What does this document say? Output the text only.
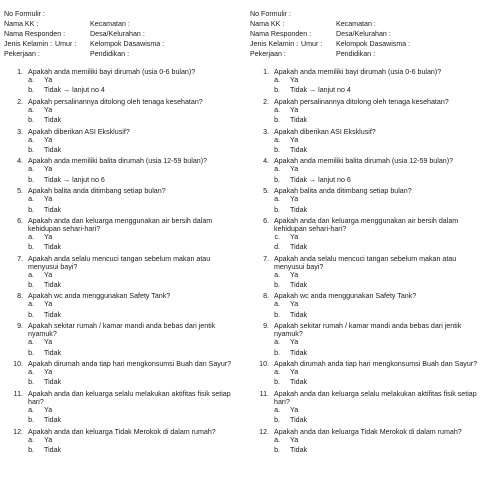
No Formulir :
Nama KK :	Kecamatan :
Nama Responden :	Desa/Kelurahan :
Jenis Kelamin : Umur : Kelompok Dasawisma :
Pekerjaan :	Pendidikan :
1. Apakah anda memiliki bayi dirumah (usia 0-6 bulan)?
a.	Ya
b.	Tidak → lanjut no 4
2. Apakah persalinannya ditolong oleh tenaga kesehatan?
a.	Ya
b.	Tidak
3. Apakah diberikan ASI Eksklusif?
a.	Ya
b.	Tidak
4. Apakah anda memiliki balita dirumah (usia 12-59 bulan)?
a.	Ya
b.	Tidak → lanjut no 6
5. Apakah balita anda ditimbang setiap bulan?
a.	Ya
b.	Tidak
6. Apakah anda dan keluarga menggunakan air bersih dalam kehidupan sehari-hari?
a.	Ya
b.	Tidak
7. Apakah anda selalu mencuci tangan sebelum makan atau menyusui bayi?
a.	Ya
b.	Tidak
8. Apakah wc anda menggunakan Safety Tank?
a.	Ya
b.	Tidak
9. Apakah sekitar rumah / kamar mandi anda bebas dari jentik nyamuk?
a.	Ya
b.	Tidak
10. Apakah dirumah anda tiap hari mengkonsumsi Buah dan Sayur?
a.	Ya
b.	Tidak
11. Apakah anda dan keluarga selalu melakukan aktifitas fisik setiap hari?
a.	Ya
b.	Tidak
12. Apakah anda dan keluarga Tidak Merokok di dalam rumah?
a.	Ya
b.	Tidak
No Formulir :
Nama KK :	Kecamatan :
Nama Responden :	Desa/Kelurahan :
Jenis Kelamin : Umur : Kelompok Dasawisma :
Pekerjaan :	Pendidikan :
1. Apakah anda memiliki bayi dirumah (usia 0-6 bulan)?
a.	Ya
b.	Tidak → lanjut no 4
2. Apakah persalinannya ditolong oleh tenaga kesehatan?
a.	Ya
b.	Tidak
3. Apakah diberikan ASI Eksklusif?
a.	Ya
b.	Tidak
4. Apakah anda memiliki balita dirumah (usia 12-59 bulan)?
a.	Ya
b.	Tidak → lanjut no 6
5. Apakah balita anda ditimbang setiap bulan?
a.	Ya
b.	Tidak
6. Apakah anda dan keluarga menggunakan air bersih dalam kehidupan sehari-hari?
c.	Ya
d.	Tidak
7. Apakah anda selalu mencuci tangan sebelum makan atau menyusui bayi?
a.	Ya
b.	Tidak
8. Apakah wc anda menggunakan Safety Tank?
a.	Ya
b.	Tidak
9. Apakah sekitar rumah / kamar mandi anda bebas dari jentik nyamuk?
a.	Ya
b.	Tidak
10. Apakah dirumah anda tiap hari mengkonsumsi Buah dan Sayur?
a.	Ya
b.	Tidak
11. Apakah anda dan keluarga selalu melakukan aktifitas fisik setiap hari?
a.	Ya
b.	Tidak
12. Apakah anda dan keluarga Tidak Merokok di dalam rumah?
a.	Ya
b.	Tidak
